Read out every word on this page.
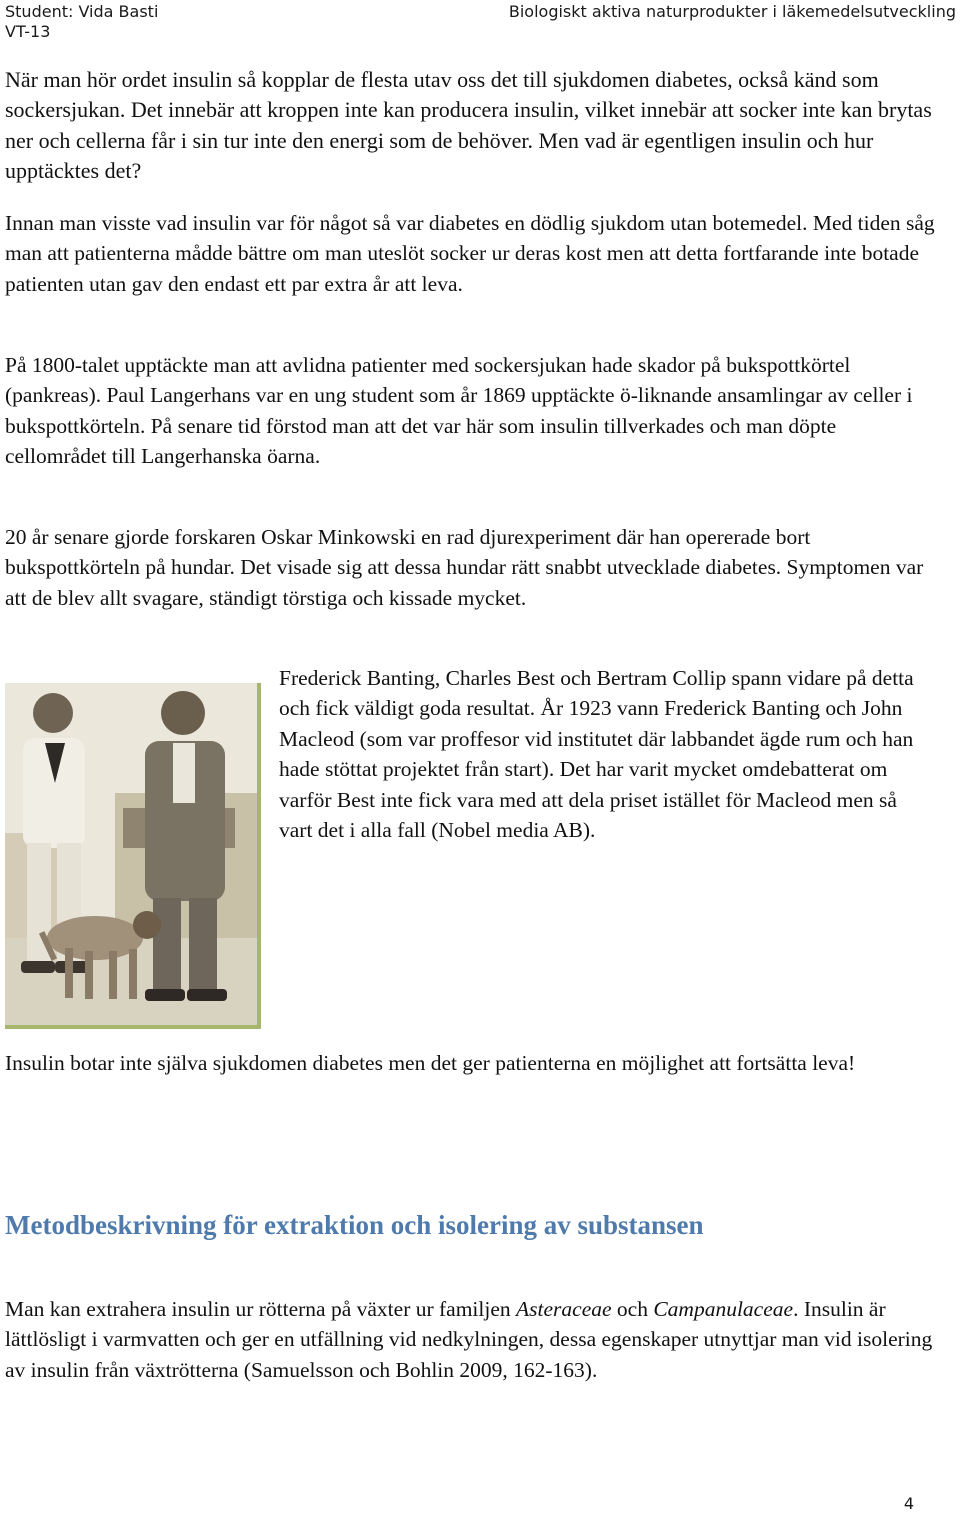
Student: Vida Basti
VT-13
Biologiskt aktiva naturprodukter i läkemedelsutveckling

När man hör ordet insulin så kopplar de flesta utav oss det till sjukdomen diabetes, också känd som sockersjukan. Det innebär att kroppen inte kan producera insulin, vilket innebär att socker inte kan brytas ner och cellerna får i sin tur inte den energi som de behöver. Men vad är egentligen insulin och hur upptäcktes det?

Innan man visste vad insulin var för något så var diabetes en dödlig sjukdom utan botemedel. Med tiden såg man att patienterna mådde bättre om man uteslöt socker ur deras kost men att detta fortfarande inte botade patienten utan gav den endast ett par extra år att leva.

På 1800-talet upptäckte man att avlidna patienter med sockersjukan hade skador på bukspottkörtel (pankreas). Paul Langerhans var en ung student som år 1869 upptäckte ö-liknande ansamlingar av celler i bukspottkörteln. På senare tid förstod man att det var här som insulin tillverkades och man döpte cellområdet till Langerhanska öarna.

20 år senare gjorde forskaren Oskar Minkowski en rad djurexperiment där han opererade bort bukspottkörteln på hundar. Det visade sig att dessa hundar rätt snabbt utvecklade diabetes. Symptomen var att de blev allt svagare, ständigt törstiga och kissade mycket.

Frederick Banting, Charles Best och Bertram Collip spann vidare på detta och fick väldigt goda resultat. År 1923 vann Frederick Banting och John Macleod (som var proffesor vid institutet där labbandet ägde rum och han hade stöttat projektet från start). Det har varit mycket omdebatterat om varför Best inte fick vara med att dela priset istället för Macleod men så vart det i alla fall (Nobel media AB).

Insulin botar inte själva sjukdomen diabetes men det ger patienterna en möjlighet att fortsätta leva!

Metodbeskrivning för extraktion och isolering av substansen

Man kan extrahera insulin ur rötterna på växter ur familjen Asteraceae och Campanulaceae. Insulin är lättlösligt i varmvatten och ger en utfällning vid nedkylningen, dessa egenskaper utnyttjar man vid isolering av insulin från växtrötterna (Samuelsson och Bohlin 2009, 162-163).

4
